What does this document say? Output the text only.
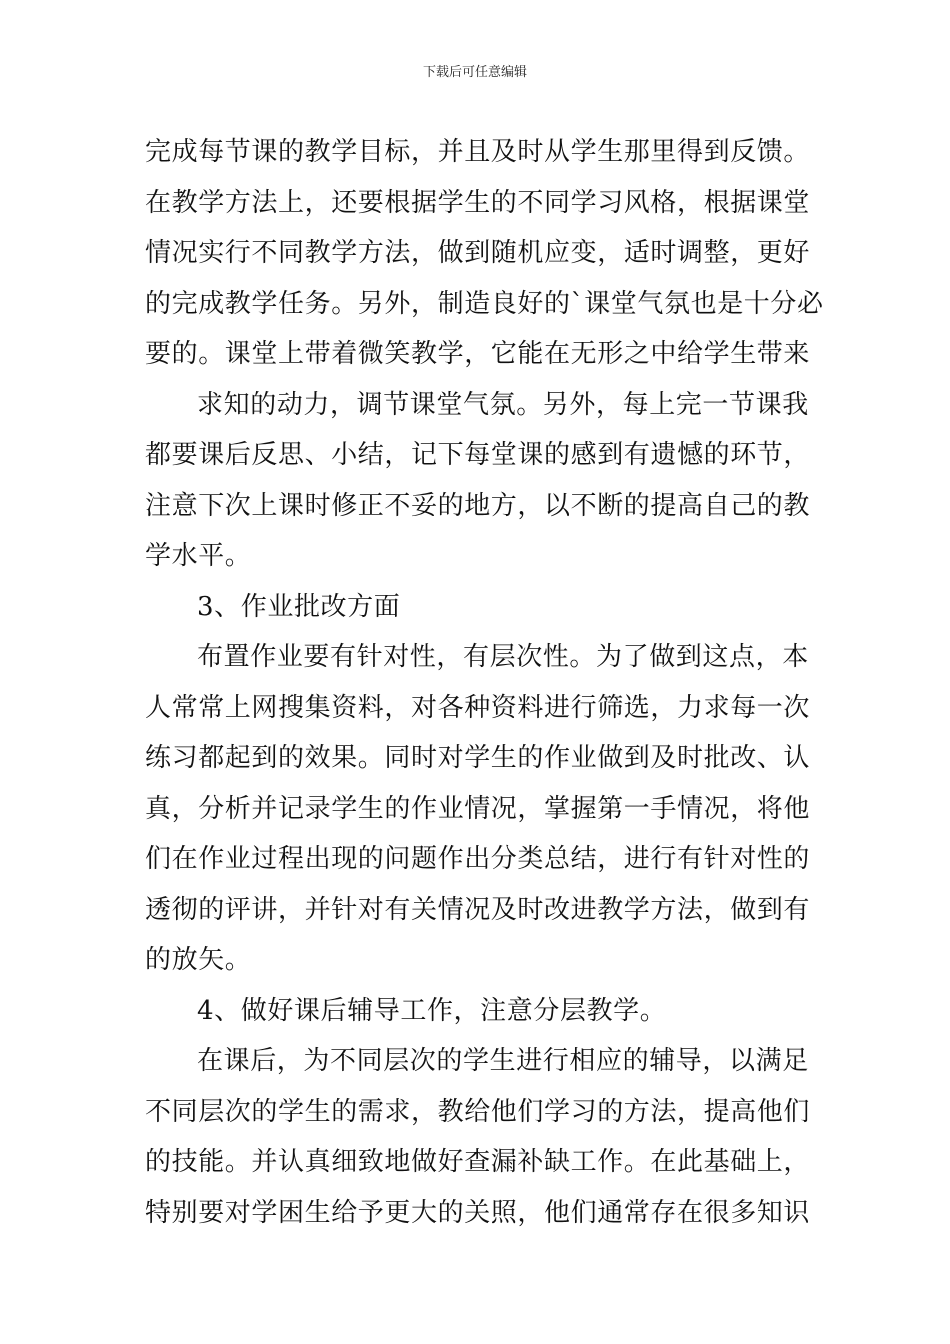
下载后可任意编辑
完成每节课的教学目标，并且及时从学生那里得到反馈。
在教学方法上，还要根据学生的不同学习风格，根据课堂
情况实行不同教学方法，做到随机应变，适时调整，更好
的完成教学任务。另外，制造良好的`课堂气氛也是十分必
要的。课堂上带着微笑教学，它能在无形之中给学生带来
求知的动力，调节课堂气氛。另外，每上完一节课我
都要课后反思、小结，记下每堂课的感到有遗憾的环节，
注意下次上课时修正不妥的地方，以不断的提高自己的教
学水平。
3、作业批改方面
布置作业要有针对性，有层次性。为了做到这点，本
人常常上网搜集资料，对各种资料进行筛选，力求每一次
练习都起到的效果。同时对学生的作业做到及时批改、认
真，分析并记录学生的作业情况，掌握第一手情况，将他
们在作业过程出现的问题作出分类总结，进行有针对性的
透彻的评讲，并针对有关情况及时改进教学方法，做到有
的放矢。
4、做好课后辅导工作，注意分层教学。
在课后，为不同层次的学生进行相应的辅导，以满足
不同层次的学生的需求，教给他们学习的方法，提高他们
的技能。并认真细致地做好查漏补缺工作。在此基础上，
特别要对学困生给予更大的关照，他们通常存在很多知识
